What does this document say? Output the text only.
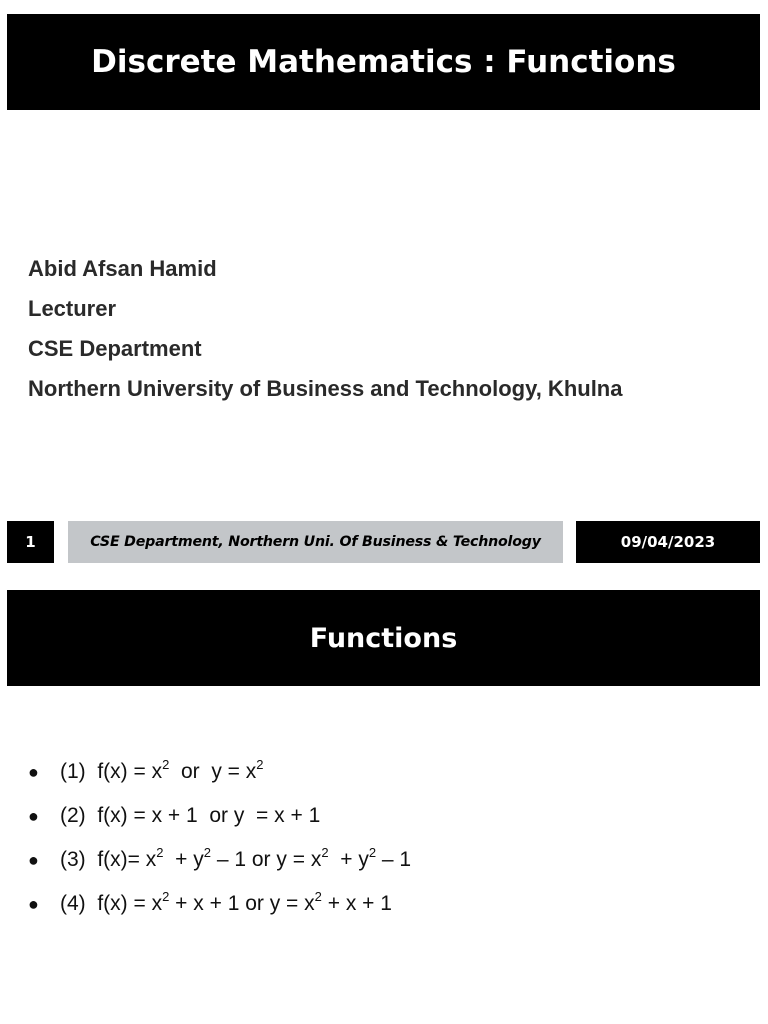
Discrete Mathematics : Functions
Abid Afsan Hamid
Lecturer
CSE Department
Northern University of Business and Technology, Khulna
1	CSE Department, Northern Uni. Of Business & Technology	09/04/2023
Functions
●	(1)  $f(x) = x^2$  or  $y = x^2$
●	(2)  f(x) = x + 1  or y  = x + 1
●	(3)  $f(x)= x^2 + y^2 - 1$ or $y = x^2 + y^2 - 1$
●	(4)  $f(x) = x^2 + x + 1$ or $y = x^2 + x + 1$
